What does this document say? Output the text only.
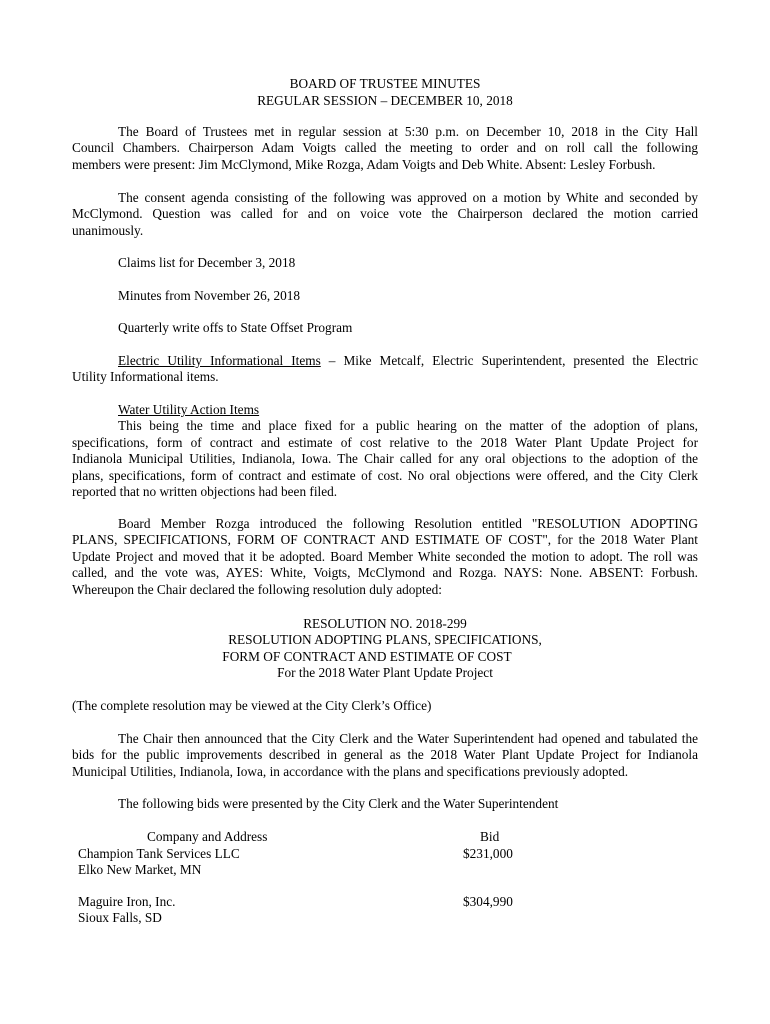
BOARD OF TRUSTEE MINUTES
REGULAR SESSION – DECEMBER 10, 2018
The Board of Trustees met in regular session at 5:30 p.m. on December 10, 2018 in the City Hall
Council Chambers. Chairperson Adam Voigts called the meeting to order and on roll call the following
members were present: Jim McClymond, Mike Rozga, Adam Voigts and Deb White. Absent: Lesley Forbush.
The consent agenda consisting of the following was approved on a motion by White and seconded by
McClymond. Question was called for and on voice vote the Chairperson declared the motion carried
unanimously.
Claims list for December 3, 2018
Minutes from November 26, 2018
Quarterly write offs to State Offset Program
Electric Utility Informational Items – Mike Metcalf, Electric Superintendent, presented the Electric
Utility Informational items.
Water Utility Action Items
This being the time and place fixed for a public hearing on the matter of the adoption of plans,
specifications, form of contract and estimate of cost relative to the 2018 Water Plant Update Project for
Indianola Municipal Utilities, Indianola, Iowa. The Chair called for any oral objections to the adoption of the
plans, specifications, form of contract and estimate of cost. No oral objections were offered, and the City Clerk
reported that no written objections had been filed.
Board Member Rozga introduced the following Resolution entitled "RESOLUTION ADOPTING
PLANS, SPECIFICATIONS, FORM OF CONTRACT AND ESTIMATE OF COST", for the 2018 Water Plant
Update Project and moved that it be adopted. Board Member White seconded the motion to adopt. The roll was
called, and the vote was, AYES: White, Voigts, McClymond and Rozga. NAYS: None. ABSENT: Forbush.
Whereupon the Chair declared the following resolution duly adopted:
RESOLUTION NO. 2018-299
RESOLUTION ADOPTING PLANS, SPECIFICATIONS,
FORM OF CONTRACT AND ESTIMATE OF COST
For the 2018 Water Plant Update Project
(The complete resolution may be viewed at the City Clerk’s Office)
The Chair then announced that the City Clerk and the Water Superintendent had opened and tabulated the
bids for the public improvements described in general as the 2018 Water Plant Update Project for Indianola
Municipal Utilities, Indianola, Iowa, in accordance with the plans and specifications previously adopted.
The following bids were presented by the City Clerk and the Water Superintendent
Company and Address	Bid
Champion Tank Services LLC
Elko New Market, MN
$231,000
Maguire Iron, Inc.
Sioux Falls, SD
$304,990
